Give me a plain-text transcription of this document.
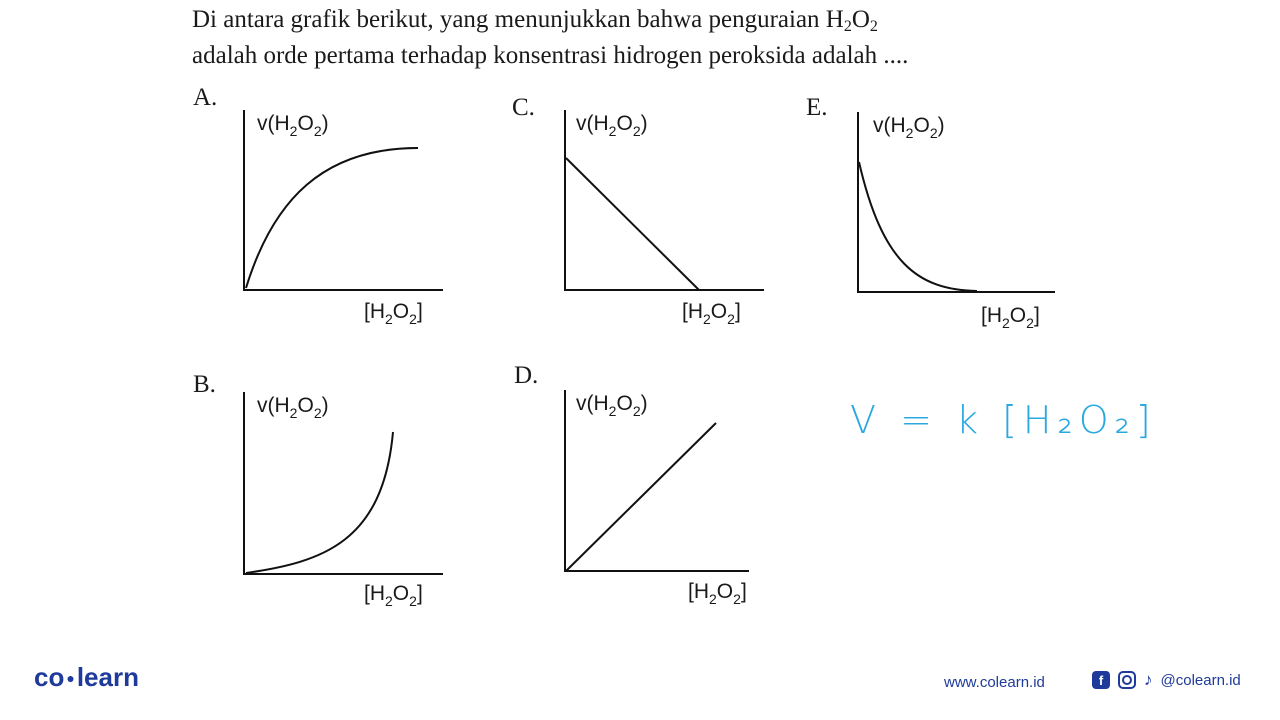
Di antara grafik berikut, yang menunjukkan bahwa penguraian $H_2O_2$
adalah orde pertama terhadap konsentrasi hidrogen peroksida adalah ....
A.
$v(H_2O_2)$
$[H_2O_2]$
C.
$v(H_2O_2)$
$[H_2O_2]$
E.
$v(H_2O_2)$
$[H_2O_2]$
B.
$v(H_2O_2)$
$[H_2O_2]$
D.
$v(H_2O_2)$
$[H_2O_2]$
V = k [H₂O₂]
co ●learn	www.colearn.id	f	♪ @colearn.id
